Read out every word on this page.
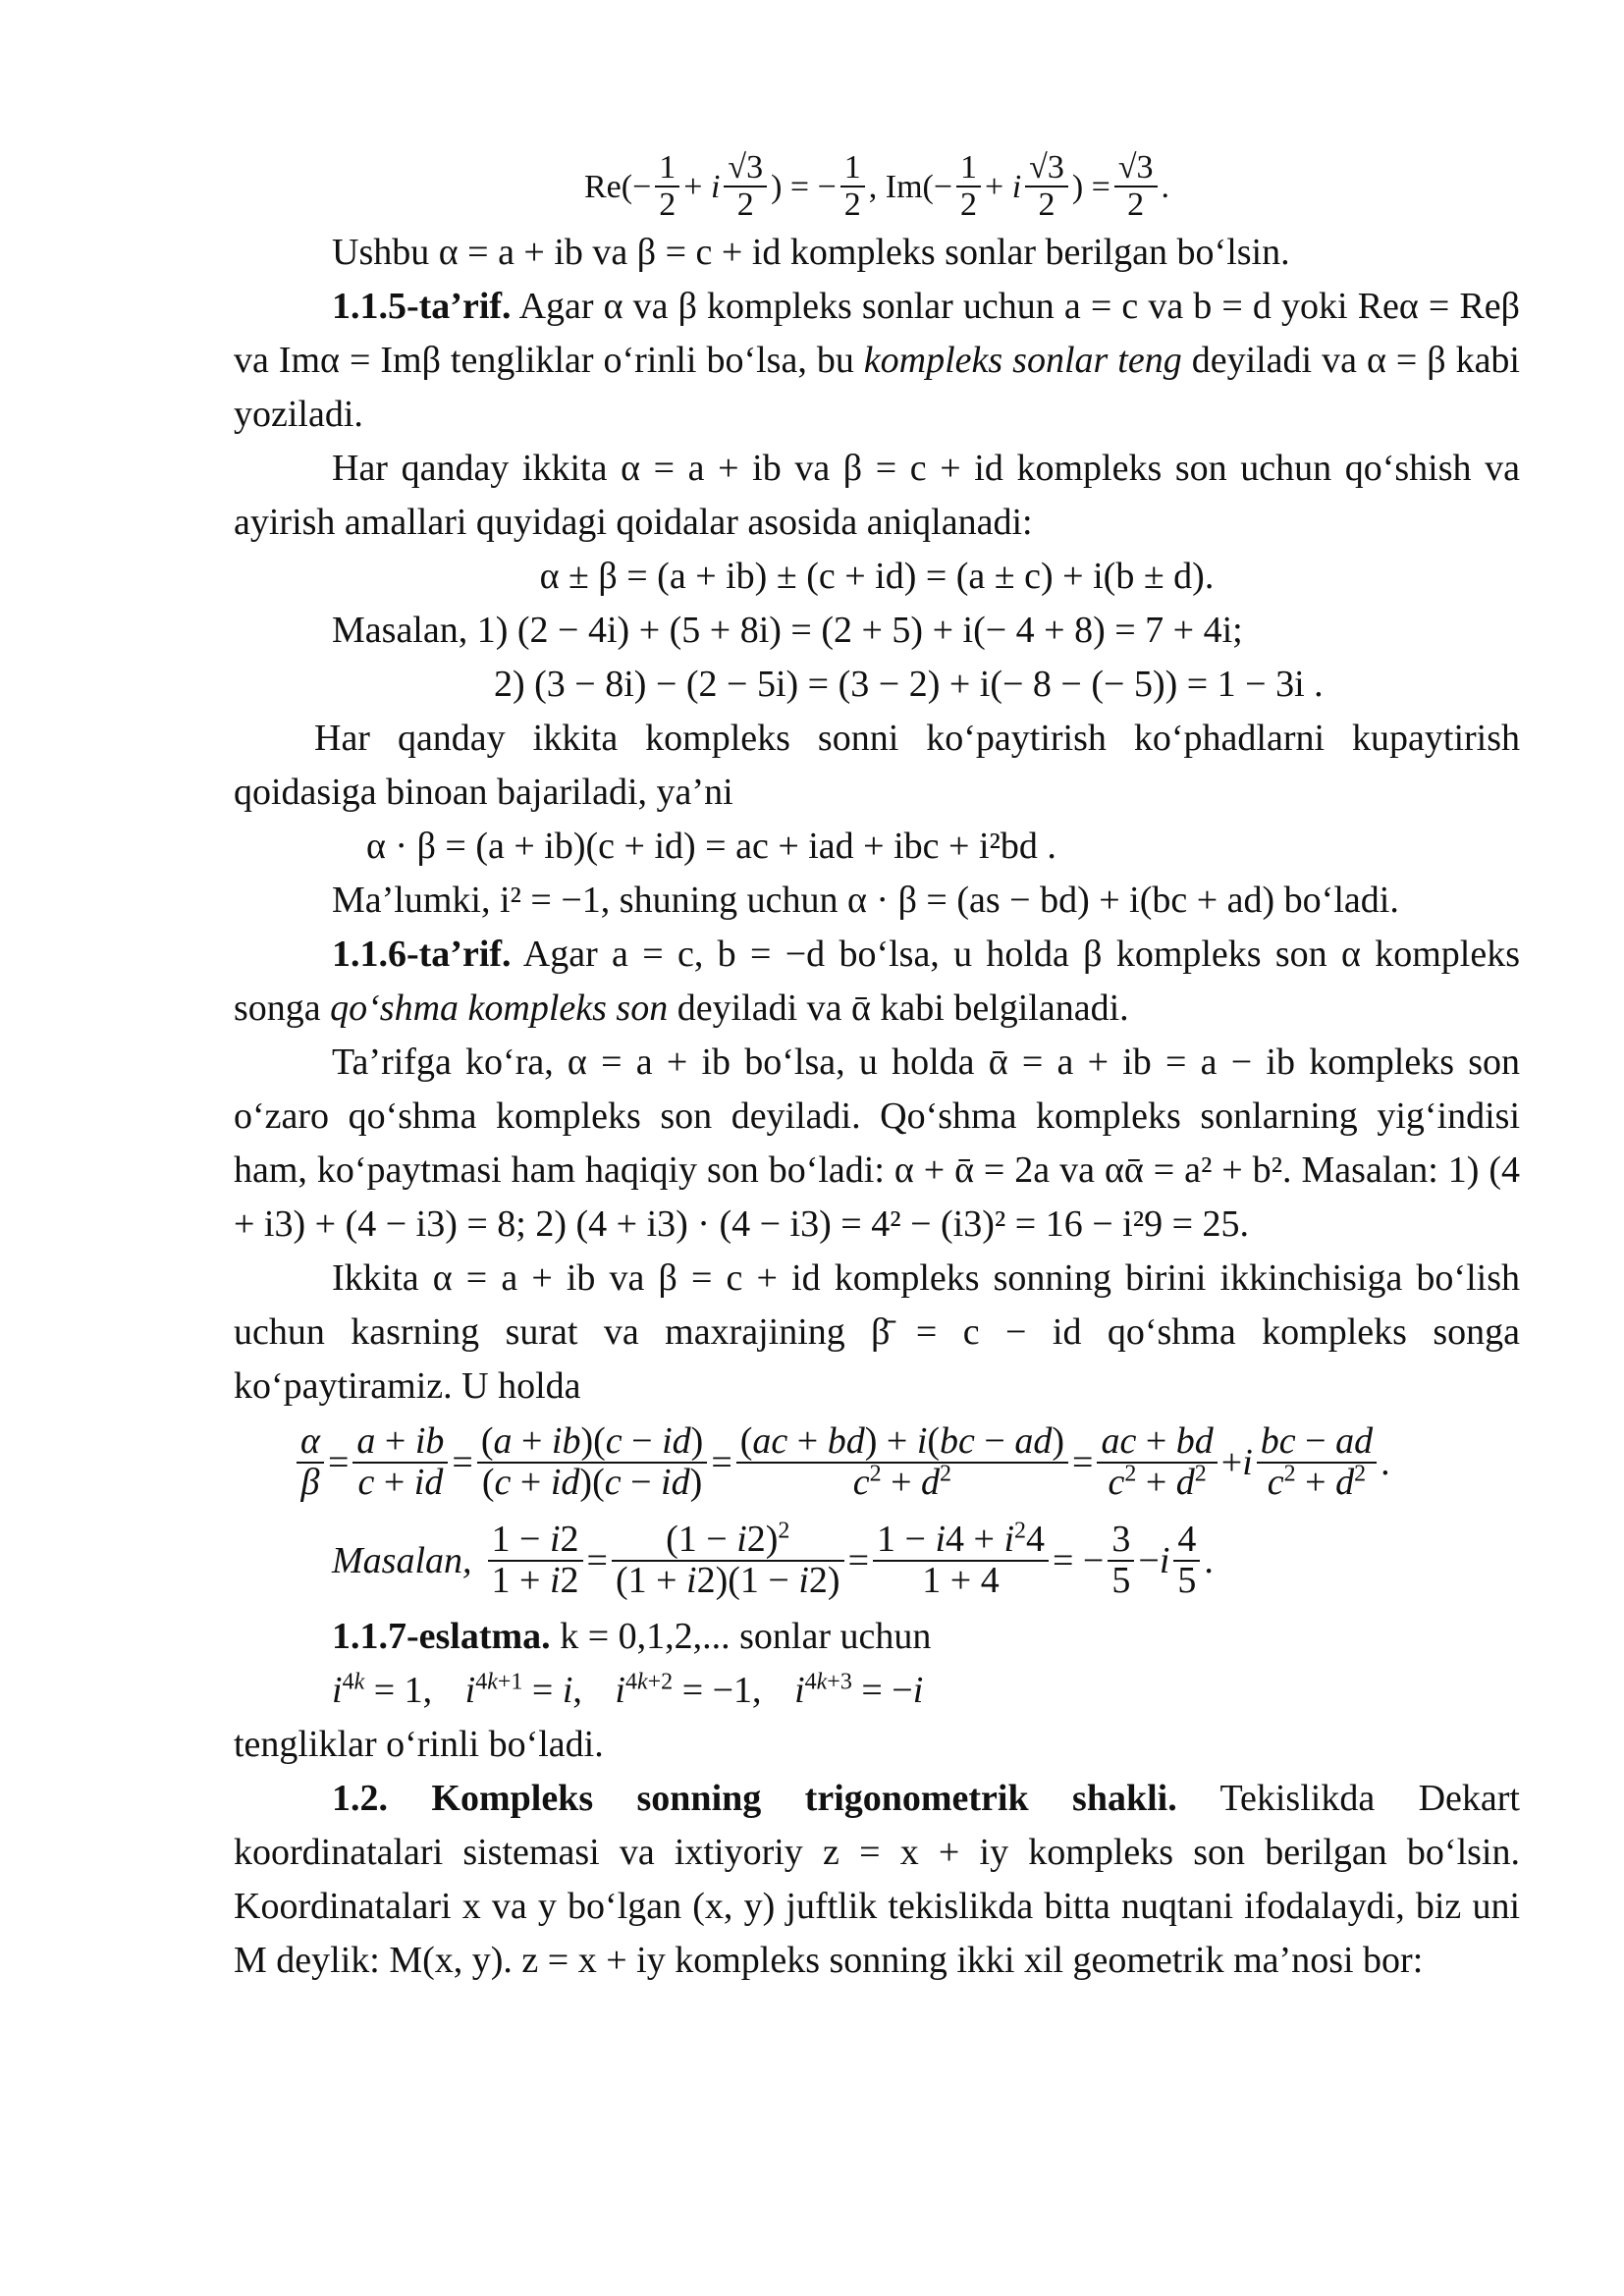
$Re(- \frac{1}{2} + i \frac{√3}{2}$ ) = − $\frac{1}{2}$ , $Im(- \frac{1}{2} + i \frac{√3}{2}$ ) = $\frac{√3}{2}$ .

Ushbu α = a + ib va β = c + id kompleks sonlar berilgan bo‘lsin.

1.1.5-ta’rif. Agar α va β kompleks sonlar uchun a = c va b = d yoki Reα = Reβ va Imα = Imβ tengliklar o‘rinli bo‘lsa, bu kompleks sonlar teng deyiladi va α = β kabi yoziladi.

Har qanday ikkita α = a + ib va β = c + id kompleks son uchun qo‘shish va ayirish amallari quyidagi qoidalar asosida aniqlanadi:

α ± β = (a + ib) ± (c + id) = (a ± c) + i(b ± d).

Masalan, 1) (2 − 4i) + (5 + 8i) = (2 + 5) + i(− 4 + 8) = 7 + 4i;

2) (3 − 8i) − (2 − 5i) = (3 − 2) + i(− 8 − (− 5)) = 1 − 3i .

Har qanday ikkita kompleks sonni ko‘paytirish ko‘phadlarni kupaytirish qoidasiga binoan bajariladi, ya’ni

α · β = (a + ib)(c + id) = ac + iad + ibc + i²bd .

Ma’lumki, i² = −1, shuning uchun α · β = (as − bd) + i(bc + ad) bo‘ladi.

1.1.6-ta’rif. Agar a = c, b = −d bo‘lsa, u holda β kompleks son α kompleks songa qo‘shma kompleks son deyiladi va ᾱ kabi belgilanadi.

Ta’rifga ko‘ra, α = a + ib bo‘lsa, u holda ᾱ = a + ib = a − ib kompleks son o‘zaro qo‘shma kompleks son deyiladi. Qo‘shma kompleks sonlarning yig‘indisi ham, ko‘paytmasi ham haqiqiy son bo‘ladi: α + ᾱ = 2a va αᾱ = a² + b². Masalan: 1) (4 + i3) + (4 − i3) = 8; 2) (4 + i3) · (4 − i3) = 4² − (i3)² = 16 − i²9 = 25.

Ikkita α = a + ib va β = c + id kompleks sonning birini ikkinchisiga bo‘lish uchun kasrning surat va maxrajining β̄ = c − id qo‘shma kompleks songa ko‘paytiramiz. U holda

$\frac{\alpha}{\beta} = \frac{a + ib}{c + id} = \frac{(a + ib)(c - id)}{(c + id)(c - id)} = \frac{(ac + bd) + i(bc - ad)}{c^2 + d^2} = \frac{ac + bd}{c^2 + d^2} + i \frac{bc - ad}{c^2 + d^2}$ .
Masalan, $\frac{1 - i2}{1 + i2} = \frac{(1 - i2)^2}{(1 + i2)(1 - i2)} = \frac{1 - i4 + i^24}{1 + 4}$ = − $\frac{3}{5} - i \frac{4}{5}$ .

1.1.7-eslatma. k = 0,1,2,... sonlar uchun

$i^{4k} = 1$, $i^{4k+1} = i$, $i^{4k+2} = -1$, $i^{4k+3} = -i$

tengliklar o‘rinli bo‘ladi.

1.2. Kompleks sonning trigonometrik shakli. Tekislikda Dekart koordinatalari sistemasi va ixtiyoriy z = x + iy kompleks son berilgan bo‘lsin. Koordinatalari x va y bo‘lgan (x, y) juftlik tekislikda bitta nuqtani ifodalaydi, biz uni M deylik: M(x, y). z = x + iy kompleks sonning ikki xil geometrik ma’nosi bor:
